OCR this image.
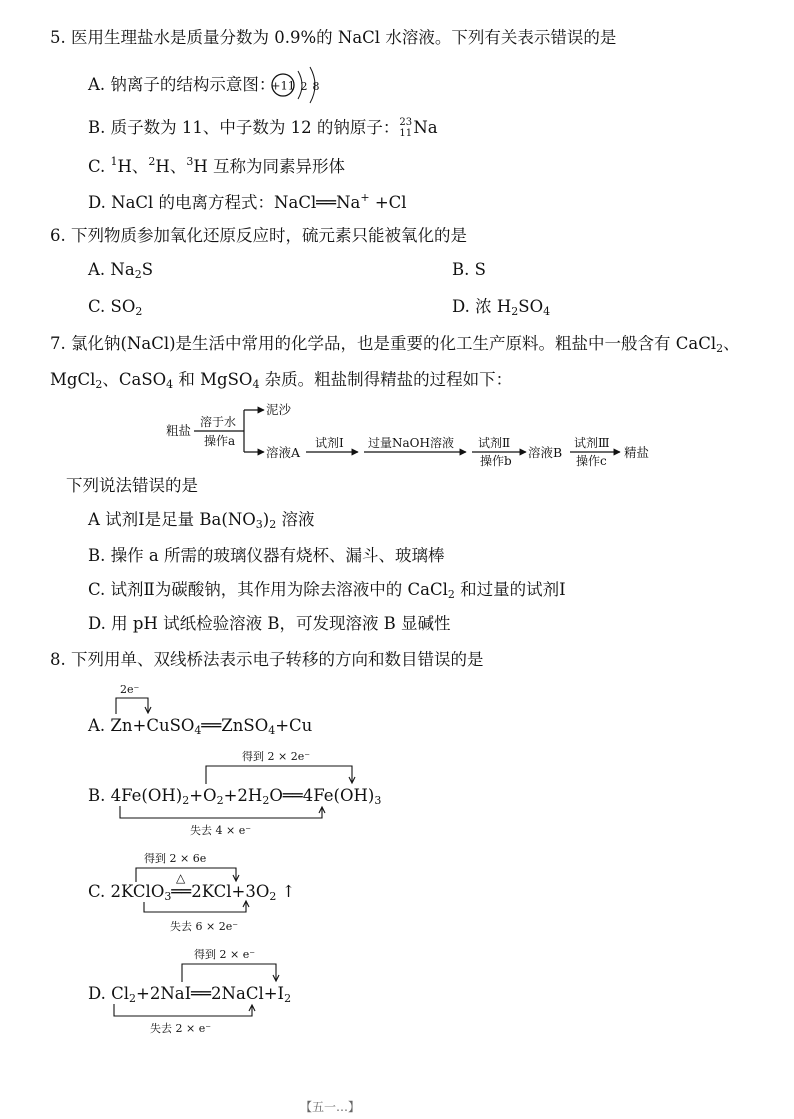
5. 医用生理盐水是质量分数为 0.9%的 NaCl 水溶液。下列有关表示错误的是
A. 钠离子的结构示意图：
+11 2 8
B. 质子数为 11、中子数为 12 的钠原子： 23
11 Na
C. $^1$H、$^2$H、$^3$H 互称为同素异形体
D. NaCl 的电离方程式：NaCl══Na+ +Cl
6. 下列物质参加氧化还原反应时，硫元素只能被氧化的是
A. $Na_2S$	B. S
C. $SO_2$	D. 浓 $H_2SO_4$
7. 氯化钠(NaCl)是生活中常用的化学品，也是重要的化工生产原料。粗盐中一般含有 CaCl$_2$、
MgCl$_2$、CaSO$_4$ 和 MgSO$_4$ 杂质。粗盐制得精盐的过程如下：
粗盐
溶于水
操作a
泥沙
溶液A
试剂Ⅰ 过量NaOH溶液 试剂Ⅱ
操作b
溶液B
试剂Ⅲ
操作c
精盐
下列说法错误的是
A 试剂Ⅰ是足量 $Ba(NO_3)_2$ 溶液
B. 操作 a 所需的玻璃仪器有烧杯、漏斗、玻璃棒
C. 试剂Ⅱ为碳酸钠，其作用为除去溶液中的 CaCl$_2$ 和过量的试剂Ⅰ
D. 用 pH 试纸检验溶液 B，可发现溶液 B 显碱性
8. 下列用单、双线桥法表示电子转移的方向和数目错误的是
2e⁻
A. Zn+CuSO$_4$══ZnSO$_4$+Cu
得到 2 × 2e⁻
失去 4 × e⁻
B. $4Fe(OH)_2+O_2+2H_2O══4Fe(OH)_3$
得到 2 × 6e
△
失去 6 × 2e⁻
C. $2KClO_3══2KCl+3O_2$ ↑
得到 2 × e⁻
失去 2 × e⁻
D. $Cl_2+2NaI══2NaCl+I_2$
【五一…】
